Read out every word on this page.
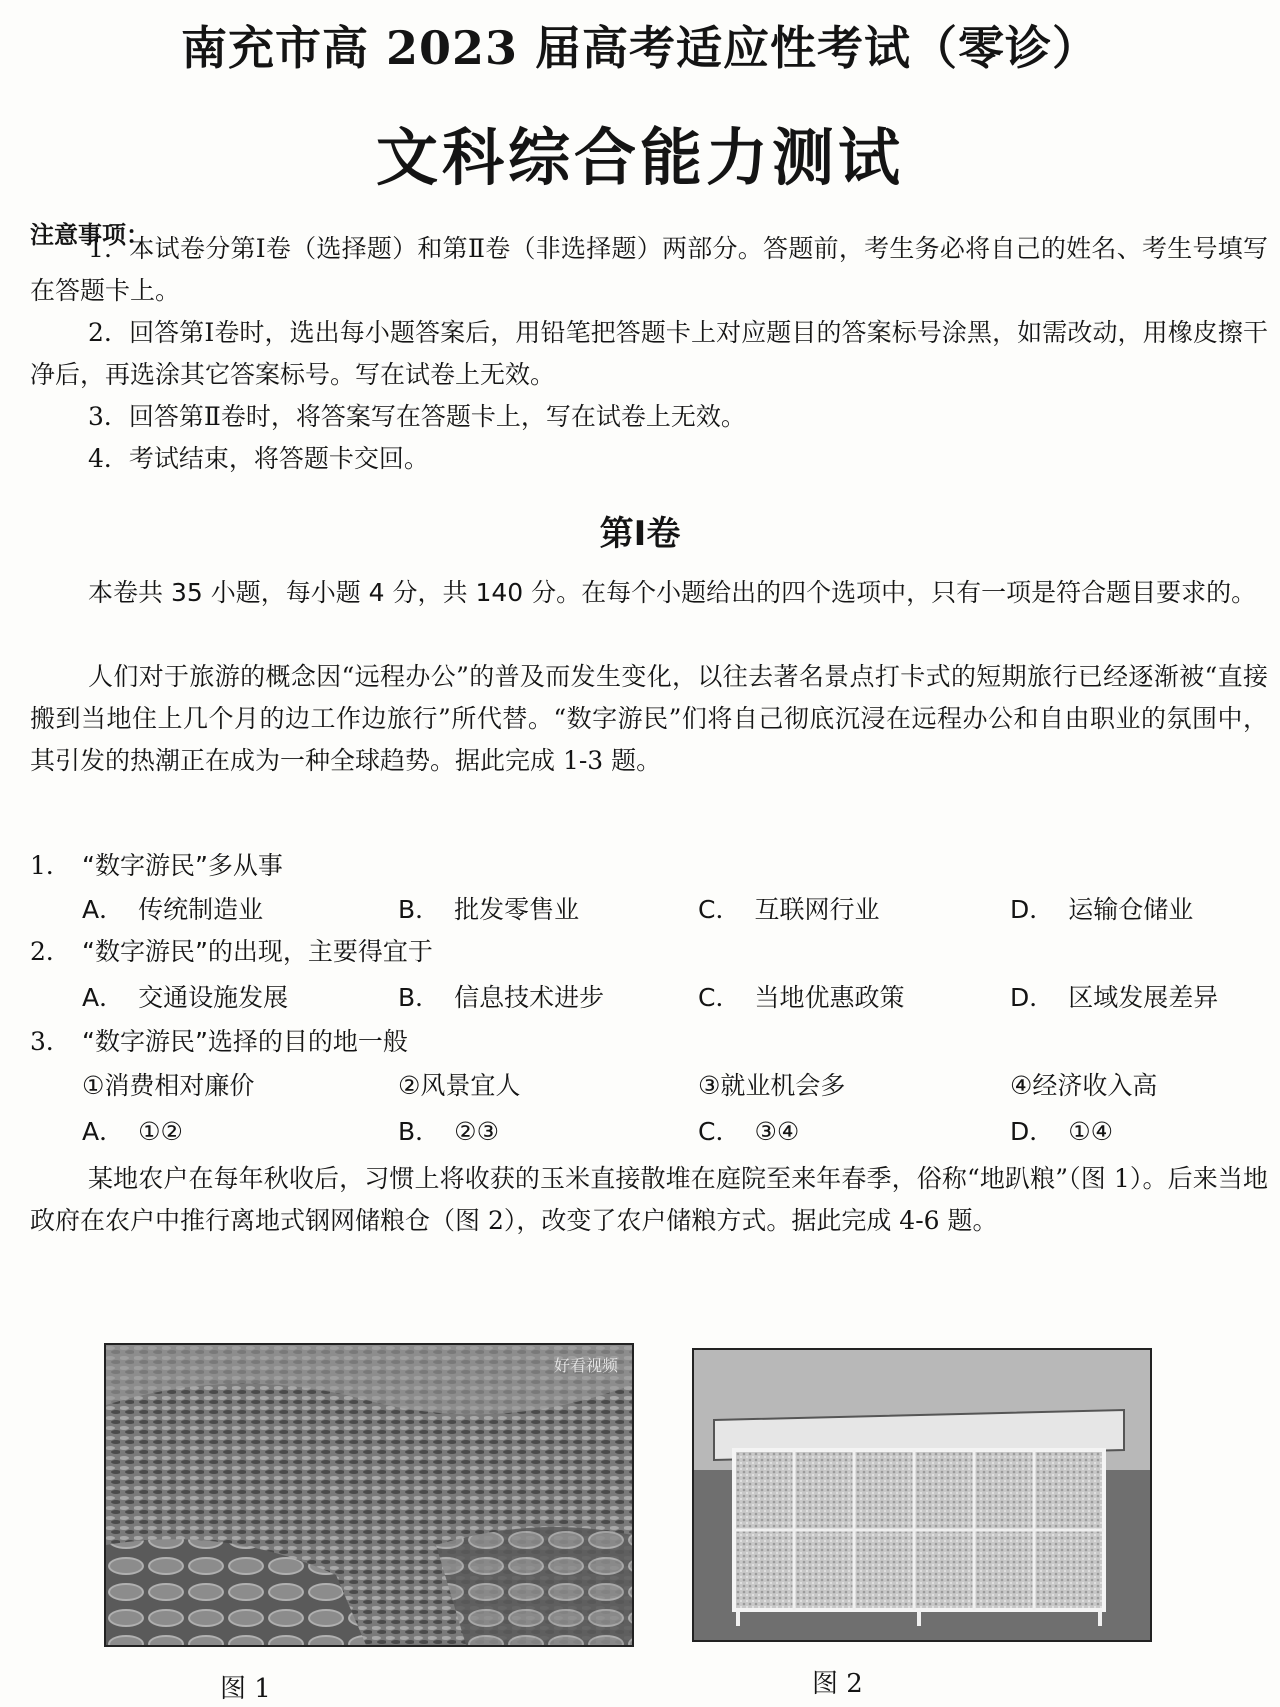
南充市高 2023 届高考适应性考试（零诊）
文科综合能力测试
注意事项：
1．本试卷分第Ⅰ卷（选择题）和第Ⅱ卷（非选择题）两部分。答题前，考生务必将自己的姓名、考生号填写在答题卡上。
2．回答第Ⅰ卷时，选出每小题答案后，用铅笔把答题卡上对应题目的答案标号涂黑，如需改动，用橡皮擦干净后，再选涂其它答案标号。写在试卷上无效。
3．回答第Ⅱ卷时，将答案写在答题卡上，写在试卷上无效。
4．考试结束，将答题卡交回。
第Ⅰ卷
本卷共 35 小题，每小题 4 分，共 140 分。在每个小题给出的四个选项中，只有一项是符合题目要求的。
人们对于旅游的概念因“远程办公”的普及而发生变化，以往去著名景点打卡式的短期旅行已经逐渐被“直接搬到当地住上几个月的边工作边旅行”所代替。“数字游民”们将自己彻底沉浸在远程办公和自由职业的氛围中，其引发的热潮正在成为一种全球趋势。据此完成 1-3 题。
1． “数字游民”多从事
A． 传统制造业	B． 批发零售业	C． 互联网行业	D． 运输仓储业
2． “数字游民”的出现，主要得宜于
A． 交通设施发展	B． 信息技术进步	C． 当地优惠政策	D． 区域发展差异
3． “数字游民”选择的目的地一般
①消费相对廉价	②风景宜人	③就业机会多	④经济收入高
A． ①②	B． ②③	C． ③④	D． ①④
某地农户在每年秋收后，习惯上将收获的玉米直接散堆在庭院至来年春季，俗称“地趴粮”（图 1）。后来当地政府在农户中推行离地式钢网储粮仓（图 2），改变了农户储粮方式。据此完成 4-6 题。
好看视频
图 1	图 2
